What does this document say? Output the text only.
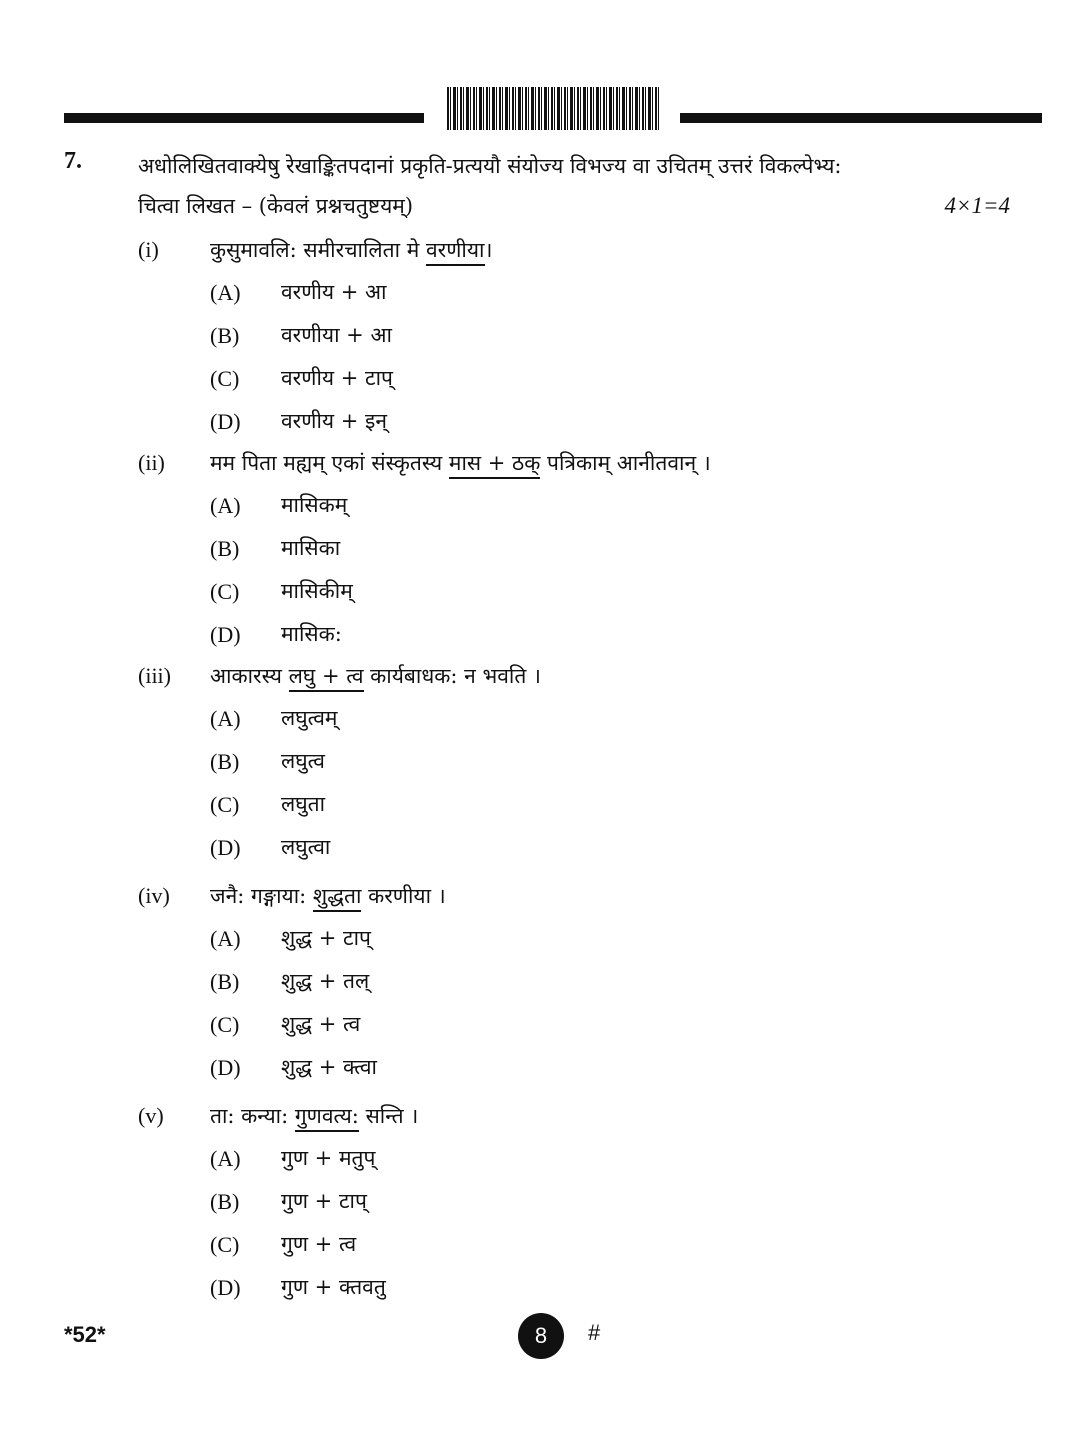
7.	अधोलिखितवाक्येषु रेखाङ्कितपदानां प्रकृति-प्रत्ययौ संयोज्य विभज्य वा उचितम् उत्तरं विकल्पेभ्य:
चित्वा लिखत – (केवलं प्रश्नचतुष्टयम्)	4×1=4
(i) कुसुमावलि: समीरचालिता मे वरणीया।
(A) वरणीय + आ
(B) वरणीया + आ
(C) वरणीय + टाप्
(D) वरणीय + इन्
(ii) मम पिता मह्यम् एकां संस्कृतस्य मास + ठक् पत्रिकाम् आनीतवान् ।
(A) मासिकम्
(B) मासिका
(C) मासिकीम्
(D) मासिक:
(iii) आकारस्य लघु + त्व कार्यबाधक: न भवति ।
(A) लघुत्वम्
(B) लघुत्व
(C) लघुता
(D) लघुत्वा
(iv) जनै: गङ्गाया: शुद्धता करणीया ।
(A) शुद्ध + टाप्
(B) शुद्ध + तल्
(C) शुद्ध + त्व
(D) शुद्ध + क्त्वा
(v) ता: कन्या: गुणवत्य: सन्ति ।
(A) गुण + मतुप्
(B) गुण + टाप्
(C) गुण + त्व
(D) गुण + क्तवतु
*52*	8 #
